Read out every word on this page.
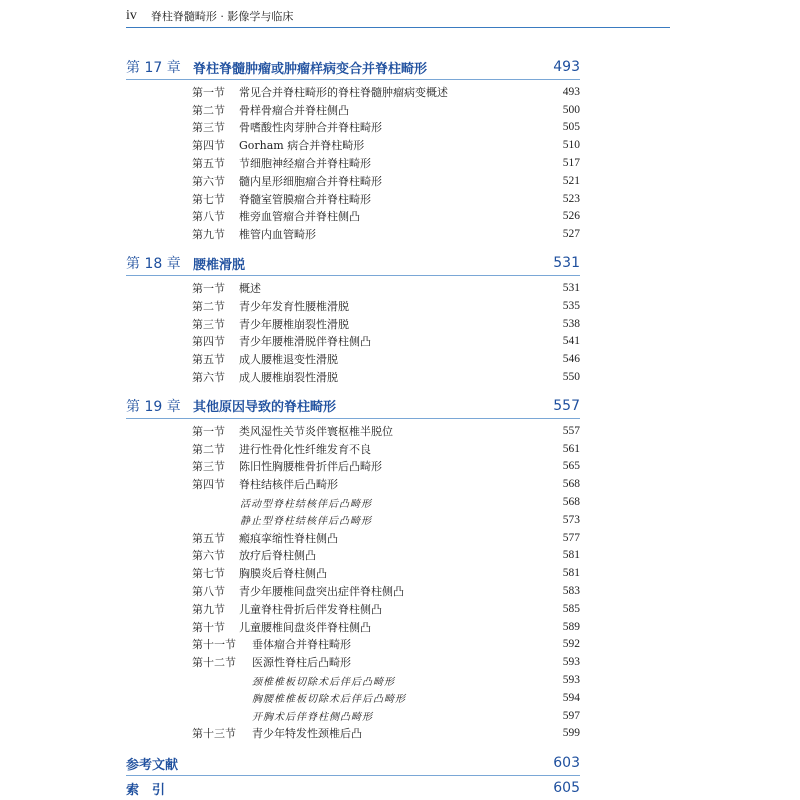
iv 脊柱脊髓畸形 · 影像学与临床
第 17 章 脊柱脊髓肿瘤或肿瘤样病变合并脊柱畸形	493
第一节	常见合并脊柱畸形的脊柱脊髓肿瘤病变概述	493
第二节	骨样骨瘤合并脊柱侧凸	500
第三节	骨嗜酸性肉芽肿合并脊柱畸形	505
第四节	Gorham 病合并脊柱畸形	510
第五节	节细胞神经瘤合并脊柱畸形	517
第六节	髓内星形细胞瘤合并脊柱畸形	521
第七节	脊髓室管膜瘤合并脊柱畸形	523
第八节	椎旁血管瘤合并脊柱侧凸	526
第九节	椎管内血管畸形	527
第 18 章 腰椎滑脱	531
第一节	概述	531
第二节	青少年发育性腰椎滑脱	535
第三节	青少年腰椎崩裂性滑脱	538
第四节	青少年腰椎滑脱伴脊柱侧凸	541
第五节	成人腰椎退变性滑脱	546
第六节	成人腰椎崩裂性滑脱	550
第 19 章 其他原因导致的脊柱畸形	557
第一节	类风湿性关节炎伴寰枢椎半脱位	557
第二节	进行性骨化性纤维发育不良	561
第三节	陈旧性胸腰椎骨折伴后凸畸形	565
第四节	脊柱结核伴后凸畸形	568
活动型脊柱结核伴后凸畸形	568
静止型脊柱结核伴后凸畸形	573
第五节	瘢痕挛缩性脊柱侧凸	577
第六节	放疗后脊柱侧凸	581
第七节	胸膜炎后脊柱侧凸	581
第八节	青少年腰椎间盘突出症伴脊柱侧凸	583
第九节	儿童脊柱骨折后伴发脊柱侧凸	585
第十节	儿童腰椎间盘炎伴脊柱侧凸	589
第十一节	垂体瘤合并脊柱畸形	592
第十二节	医源性脊柱后凸畸形	593
颈椎椎板切除术后伴后凸畸形	593
胸腰椎椎板切除术后伴后凸畸形	594
开胸术后伴脊柱侧凸畸形	597
第十三节	青少年特发性颈椎后凸	599
参考文献	603
索　引	605
